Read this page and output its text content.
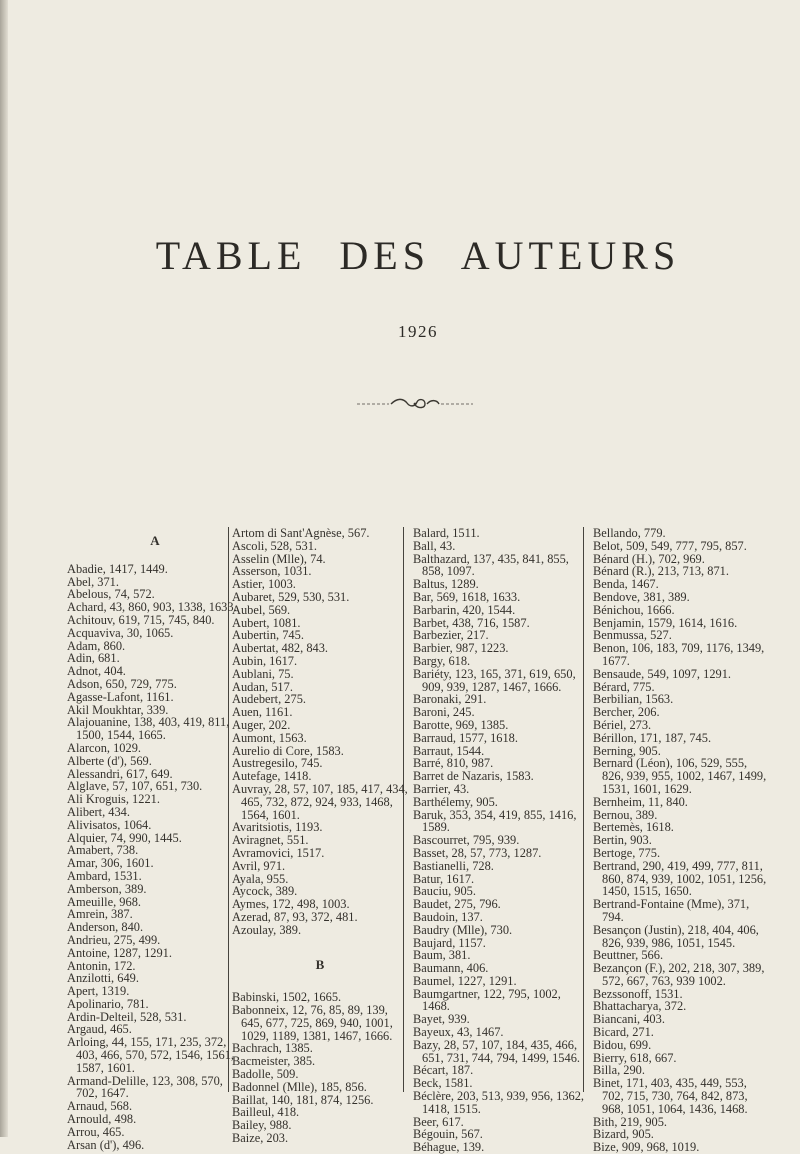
TABLE DES AUTEURS
1926
A
Abadie, 1417, 1449.
Abel, 371.
Abelous, 74, 572.
Achard, 43, 860, 903, 1338, 1633.
Achitouv, 619, 715, 745, 840.
Acquaviva, 30, 1065.
Adam, 860.
Adin, 681.
Adnot, 404.
Adson, 650, 729, 775.
Agasse-Lafont, 1161.
Akil Moukhtar, 339.
Alajouanine, 138, 403, 419, 811, 1500, 1544, 1665.
Alarcon, 1029.
Alberte (d'), 569.
Alessandri, 617, 649.
Alglave, 57, 107, 651, 730.
Ali Kroguis, 1221.
Alibert, 434.
Alivisatos, 1064.
Alquier, 74, 990, 1445.
Amabert, 738.
Amar, 306, 1601.
Ambard, 1531.
Amberson, 389.
Ameuille, 968.
Amrein, 387.
Anderson, 840.
Andrieu, 275, 499.
Antoine, 1287, 1291.
Antonin, 172.
Anzilotti, 649.
Apert, 1319.
Apolinario, 781.
Ardin-Delteil, 528, 531.
Argaud, 465.
Arloing, 44, 155, 171, 235, 372, 403, 466, 570, 572, 1546, 1561, 1587, 1601.
Armand-Delille, 123, 308, 570, 702, 1647.
Arnaud, 568.
Arnould, 498.
Arrou, 465.
Arsan (d'), 496.
Artom di Sant'Agnèse, 567.
Ascoli, 528, 531.
Asselin (Mlle), 74.
Asserson, 1031.
Astier, 1003.
Aubaret, 529, 530, 531.
Aubel, 569.
Aubert, 1081.
Aubertin, 745.
Aubertat, 482, 843.
Aubin, 1617.
Aublani, 75.
Audan, 517.
Audebert, 275.
Auen, 1161.
Auger, 202.
Aumont, 1563.
Aurelio di Core, 1583.
Austregesilo, 745.
Autefage, 1418.
Auvray, 28, 57, 107, 185, 417, 434, 465, 732, 872, 924, 933, 1468, 1564, 1601.
Avaritsiotis, 1193.
Aviragnet, 551.
Avramovici, 1517.
Avril, 971.
Ayala, 955.
Aycock, 389.
Aymes, 172, 498, 1003.
Azerad, 87, 93, 372, 481.
Azoulay, 389.
B
Babinski, 1502, 1665.
Babonneix, 12, 76, 85, 89, 139, 645, 677, 725, 869, 940, 1001, 1029, 1189, 1381, 1467, 1666.
Bachrach, 1385.
Bacmeister, 385.
Badolle, 509.
Badonnel (Mlle), 185, 856.
Baillat, 140, 181, 874, 1256.
Bailleul, 418.
Bailey, 988.
Baize, 203.
Balard, 1511.
Ball, 43.
Balthazard, 137, 435, 841, 855, 858, 1097.
Baltus, 1289.
Bar, 569, 1618, 1633.
Barbarin, 420, 1544.
Barbet, 438, 716, 1587.
Barbezier, 217.
Barbier, 987, 1223.
Bargy, 618.
Bariéty, 123, 165, 371, 619, 650, 909, 939, 1287, 1467, 1666.
Baronaki, 291.
Baroni, 245.
Barotte, 969, 1385.
Barraud, 1577, 1618.
Barraut, 1544.
Barré, 810, 987.
Barret de Nazaris, 1583.
Barrier, 43.
Barthélemy, 905.
Baruk, 353, 354, 419, 855, 1416, 1589.
Bascourret, 795, 939.
Basset, 28, 57, 773, 1287.
Bastianelli, 728.
Batur, 1617.
Bauciu, 905.
Baudet, 275, 796.
Baudoin, 137.
Baudry (Mlle), 730.
Baujard, 1157.
Baum, 381.
Baumann, 406.
Baumel, 1227, 1291.
Baumgartner, 122, 795, 1002, 1468.
Bayet, 939.
Bayeux, 43, 1467.
Bazy, 28, 57, 107, 184, 435, 466, 651, 731, 744, 794, 1499, 1546.
Bécart, 187.
Beck, 1581.
Béclère, 203, 513, 939, 956, 1362, 1418, 1515.
Beer, 617.
Bégouin, 567.
Béhague, 139.
Bellando, 779.
Belot, 509, 549, 777, 795, 857.
Bénard (H.), 702, 969.
Bénard (R.), 213, 713, 871.
Benda, 1467.
Bendove, 381, 389.
Bénichou, 1666.
Benjamin, 1579, 1614, 1616.
Benmussa, 527.
Benon, 106, 183, 709, 1176, 1349, 1677.
Bensaude, 549, 1097, 1291.
Bérard, 775.
Berbilian, 1563.
Bercher, 206.
Bériel, 273.
Bérillon, 171, 187, 745.
Berning, 905.
Bernard (Léon), 106, 529, 555, 826, 939, 955, 1002, 1467, 1499, 1531, 1601, 1629.
Bernheim, 11, 840.
Bernou, 389.
Bertemès, 1618.
Bertin, 903.
Bertoge, 775.
Bertrand, 290, 419, 499, 777, 811, 860, 874, 939, 1002, 1051, 1256, 1450, 1515, 1650.
Bertrand-Fontaine (Mme), 371, 794.
Besançon (Justin), 218, 404, 406, 826, 939, 986, 1051, 1545.
Beuttner, 566.
Bezançon (F.), 202, 218, 307, 389, 572, 667, 763, 939 1002.
Bezssonoff, 1531.
Bhattacharya, 372.
Biancani, 403.
Bicard, 271.
Bidou, 699.
Bierry, 618, 667.
Billa, 290.
Binet, 171, 403, 435, 449, 553, 702, 715, 730, 764, 842, 873, 968, 1051, 1064, 1436, 1468.
Bith, 219, 905.
Bizard, 905.
Bize, 909, 968, 1019.
